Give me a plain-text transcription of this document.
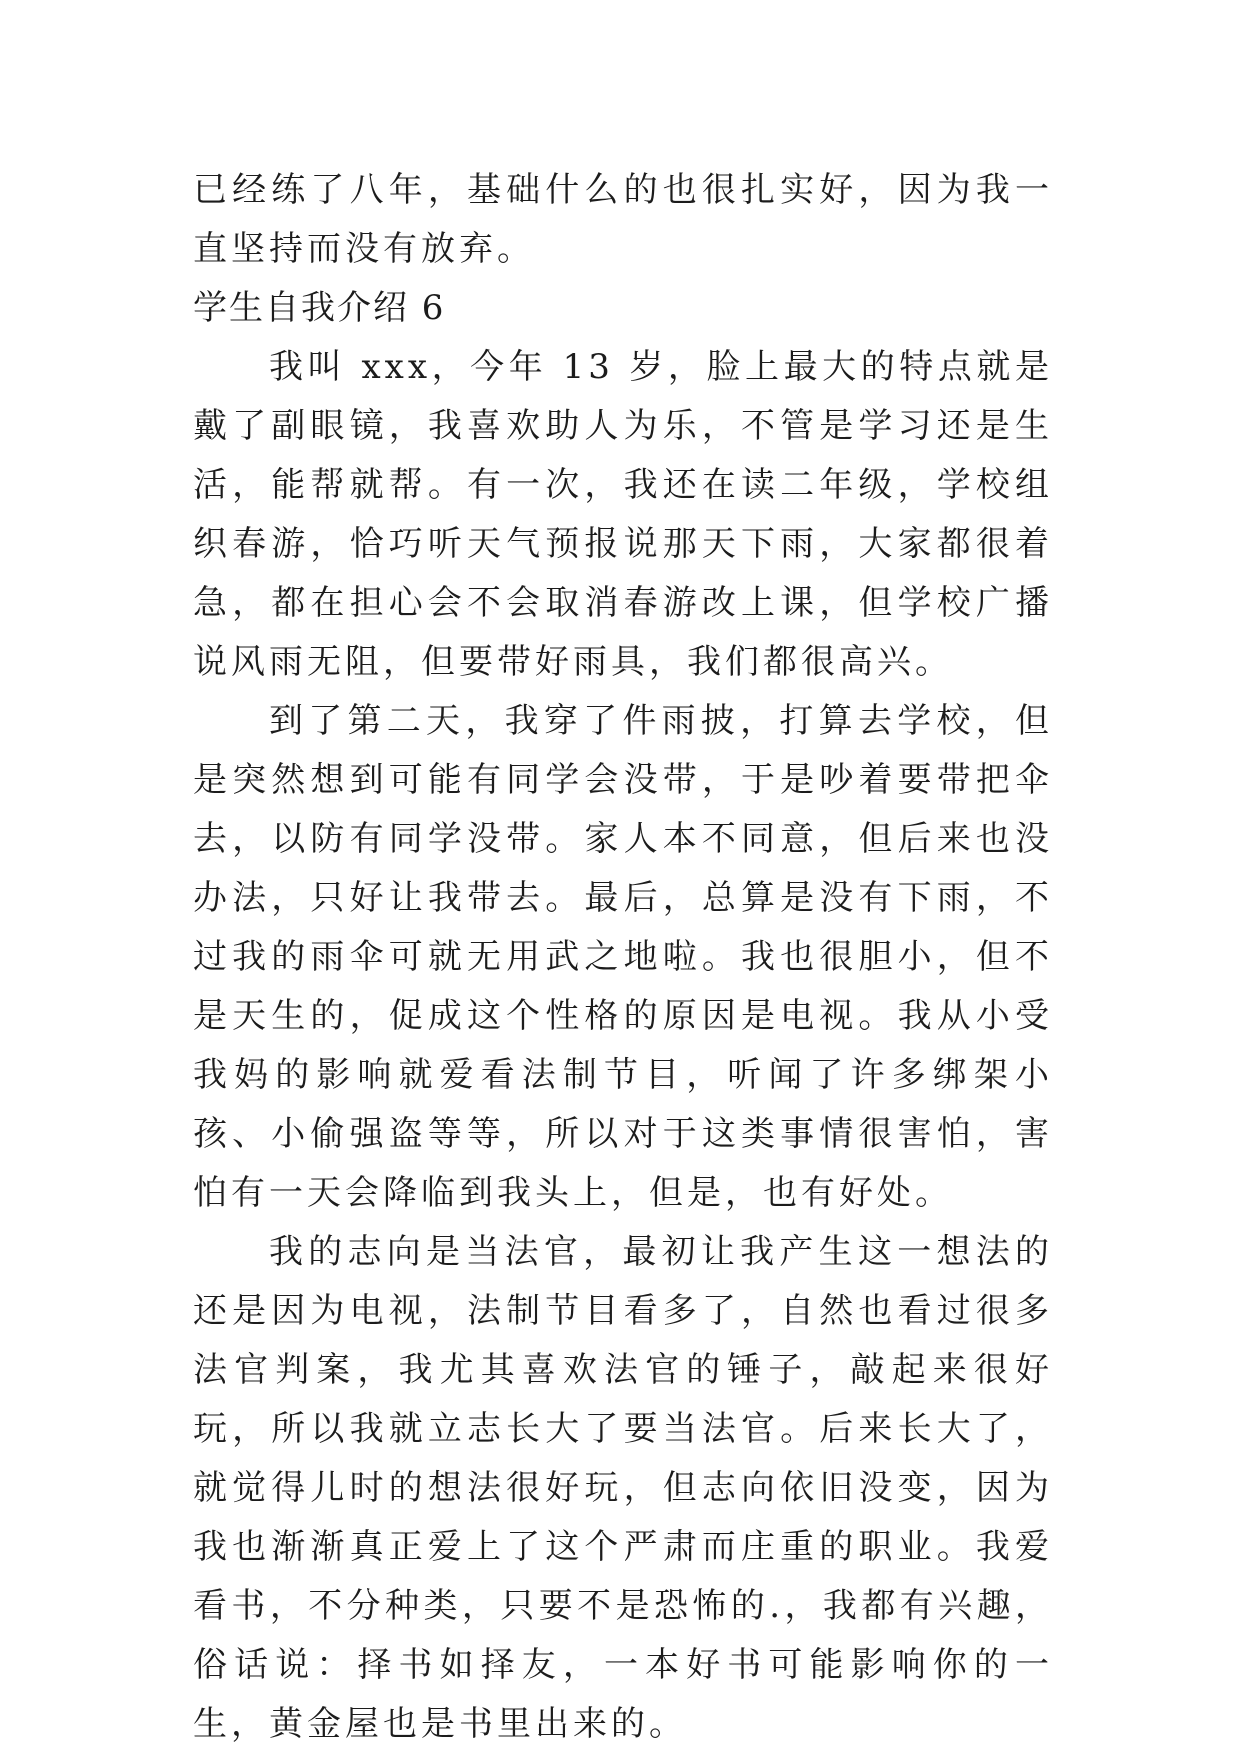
已经练了八年，基础什么的也很扎实好，因为我一直坚持而没有放弃。

学生自我介绍 6

我叫 xxx，今年 13 岁，脸上最大的特点就是戴了副眼镜，我喜欢助人为乐，不管是学习还是生活，能帮就帮。有一次，我还在读二年级，学校组织春游，恰巧听天气预报说那天下雨，大家都很着急，都在担心会不会取消春游改上课，但学校广播说风雨无阻，但要带好雨具，我们都很高兴。

到了第二天，我穿了件雨披，打算去学校，但是突然想到可能有同学会没带，于是吵着要带把伞去，以防有同学没带。家人本不同意，但后来也没办法，只好让我带去。最后，总算是没有下雨，不过我的雨伞可就无用武之地啦。我也很胆小，但不是天生的，促成这个性格的原因是电视。我从小受我妈的影响就爱看法制节目，听闻了许多绑架小孩、小偷强盗等等，所以对于这类事情很害怕，害怕有一天会降临到我头上，但是，也有好处。

我的志向是当法官，最初让我产生这一想法的还是因为电视，法制节目看多了，自然也看过很多法官判案，我尤其喜欢法官的锤子，敲起来很好玩，所以我就立志长大了要当法官。后来长大了，就觉得儿时的想法很好玩，但志向依旧没变，因为我也渐渐真正爱上了这个严肃而庄重的职业。我爱看书，不分种类，只要不是恐怖的.，我都有兴趣，俗话说：择书如择友，一本好书可能影响你的一生，黄金屋也是书里出来的。
